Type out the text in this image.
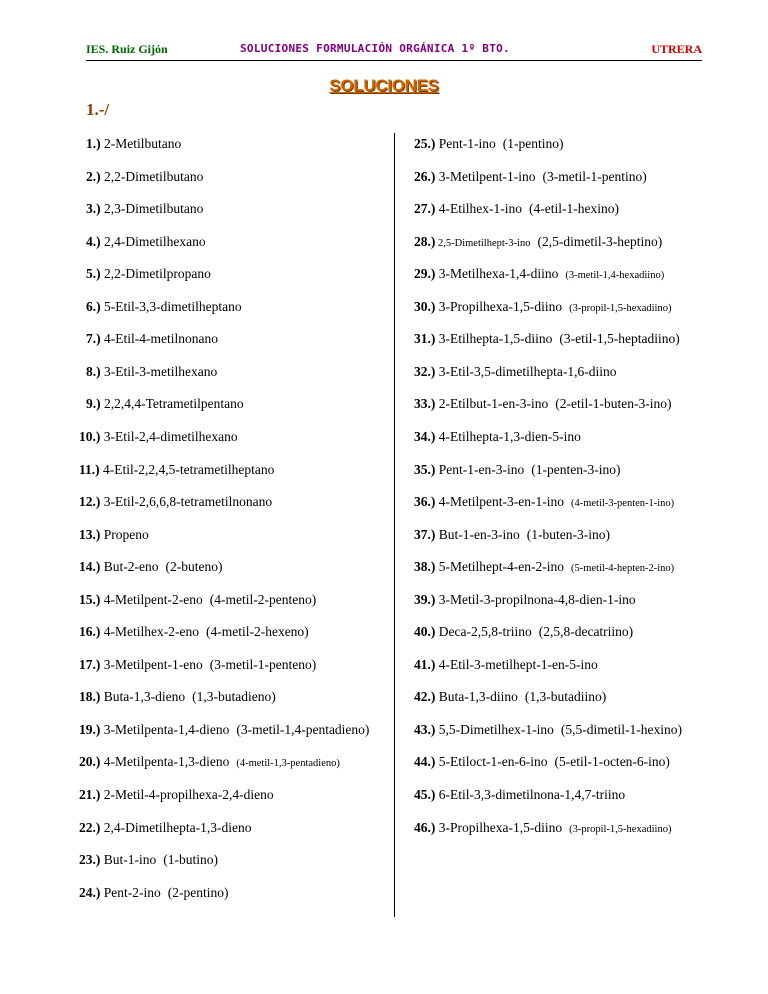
IES. Ruiz Gijón	SOLUCIONES FORMULACIÓN ORGÁNICA 1º BTO.	UTRERA
SOLUCIONES
1.-/
1.) 2-Metilbutano
2.) 2,2-Dimetilbutano
3.) 2,3-Dimetilbutano
4.) 2,4-Dimetilhexano
5.) 2,2-Dimetilpropano
6.) 5-Etil-3,3-dimetilheptano
7.) 4-Etil-4-metilnonano
8.) 3-Etil-3-metilhexano
9.) 2,2,4,4-Tetrametilpentano
10.) 3-Etil-2,4-dimetilhexano
11.) 4-Etil-2,2,4,5-tetrametilheptano
12.) 3-Etil-2,6,6,8-tetrametilnonano
13.) Propeno
14.) But-2-eno (2-buteno)
15.) 4-Metilpent-2-eno (4-metil-2-penteno)
16.) 4-Metilhex-2-eno (4-metil-2-hexeno)
17.) 3-Metilpent-1-eno (3-metil-1-penteno)
18.) Buta-1,3-dieno (1,3-butadieno)
19.) 3-Metilpenta-1,4-dieno (3-metil-1,4-pentadieno)
20.) 4-Metilpenta-1,3-dieno (4-metil-1,3-pentadieno)
21.) 2-Metil-4-propilhexa-2,4-dieno
22.) 2,4-Dimetilhepta-1,3-dieno
23.) But-1-ino (1-butino)
24.) Pent-2-ino (2-pentino)
25.) Pent-1-ino (1-pentino)
26.) 3-Metilpent-1-ino (3-metil-1-pentino)
27.) 4-Etilhex-1-ino (4-etil-1-hexino)
28.) 2,5-Dimetilhept-3-ino (2,5-dimetil-3-heptino)
29.) 3-Metilhexa-1,4-diino (3-metil-1,4-hexadiino)
30.) 3-Propilhexa-1,5-diino (3-propil-1,5-hexadiino)
31.) 3-Etilhepta-1,5-diino (3-etil-1,5-heptadiino)
32.) 3-Etil-3,5-dimetilhepta-1,6-diino
33.) 2-Etilbut-1-en-3-ino (2-etil-1-buten-3-ino)
34.) 4-Etilhepta-1,3-dien-5-ino
35.) Pent-1-en-3-ino (1-penten-3-ino)
36.) 4-Metilpent-3-en-1-ino (4-metil-3-penten-1-ino)
37.) But-1-en-3-ino (1-buten-3-ino)
38.) 5-Metilhept-4-en-2-ino (5-metil-4-hepten-2-ino)
39.) 3-Metil-3-propilnona-4,8-dien-1-ino
40.) Deca-2,5,8-triino (2,5,8-decatriino)
41.) 4-Etil-3-metilhept-1-en-5-ino
42.) Buta-1,3-diino (1,3-butadiino)
43.) 5,5-Dimetilhex-1-ino (5,5-dimetil-1-hexino)
44.) 5-Etiloct-1-en-6-ino (5-etil-1-octen-6-ino)
45.) 6-Etil-3,3-dimetilnona-1,4,7-triino
46.) 3-Propilhexa-1,5-diino (3-propil-1,5-hexadiino)
